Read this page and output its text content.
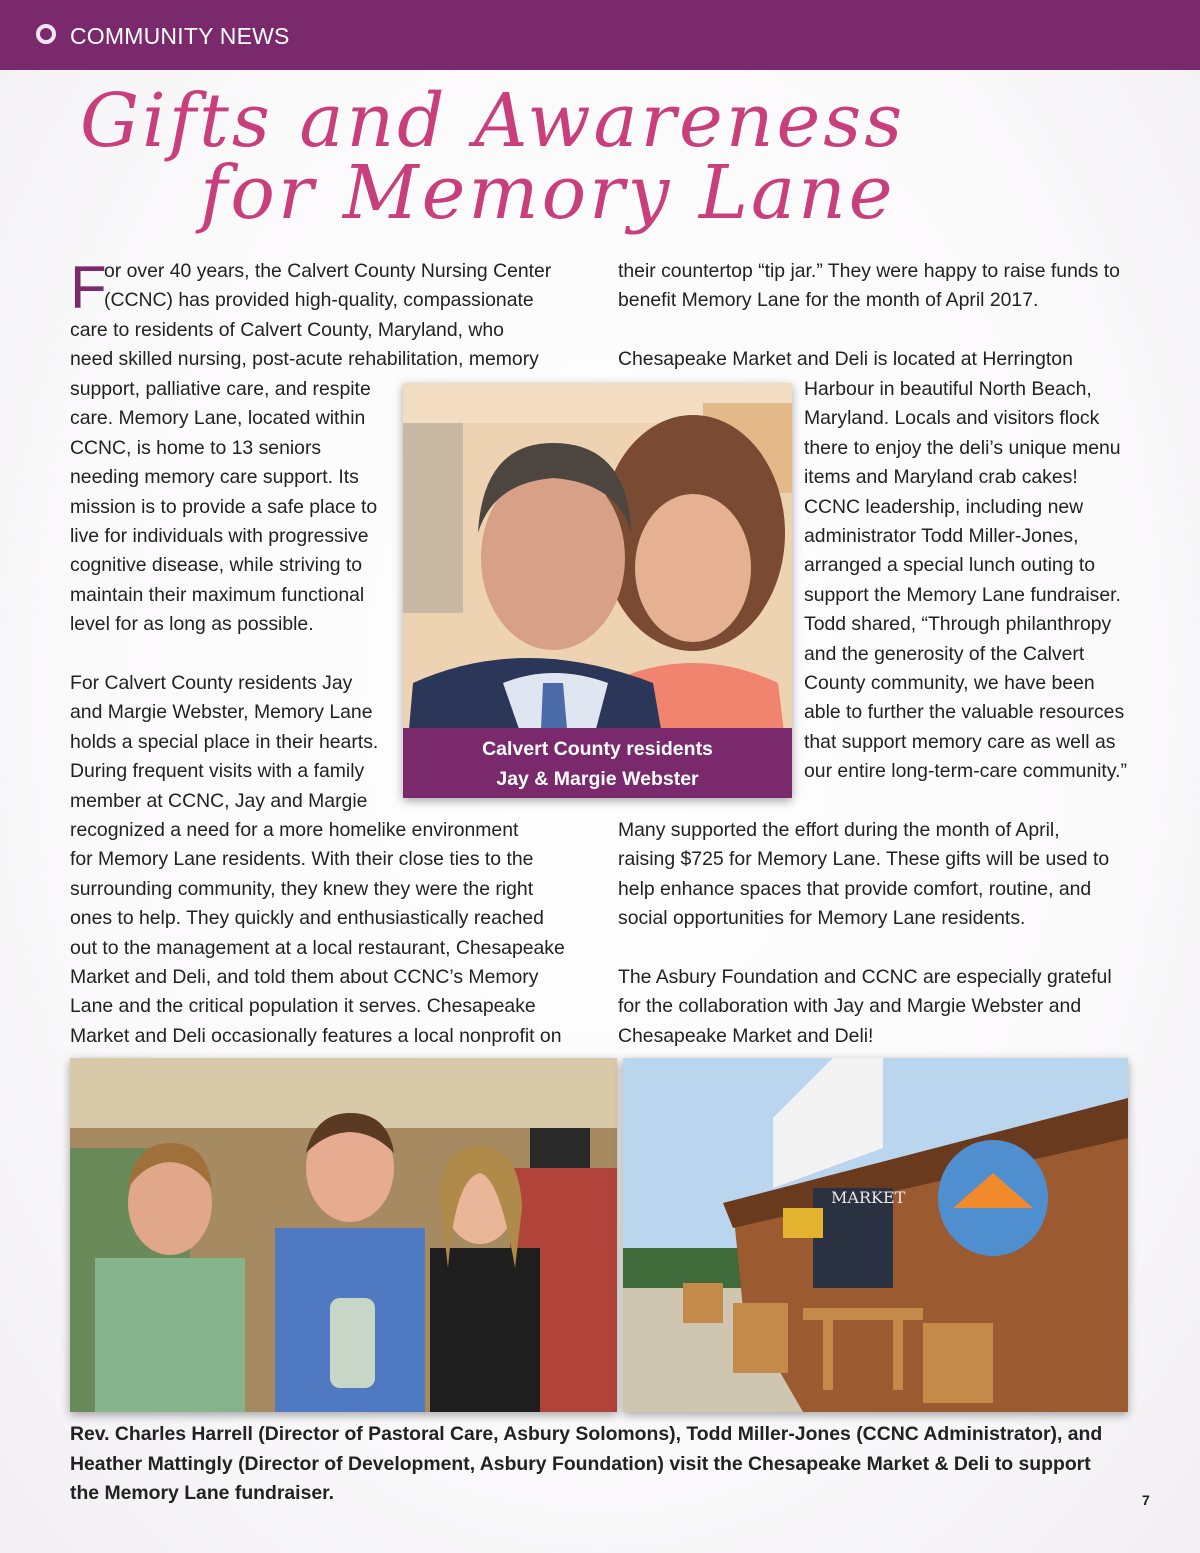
COMMUNITY NEWS
Gifts and Awareness
for Memory Lane
F
or over 40 years, the Calvert County Nursing Center
(CCNC) has provided high-quality, compassionate
care to residents of Calvert County, Maryland, who
need skilled nursing, post-acute rehabilitation, memory
support, palliative care, and respite
care. Memory Lane, located within
CCNC, is home to 13 seniors
needing memory care support. Its
mission is to provide a safe place to
live for individuals with progressive
cognitive disease, while striving to
maintain their maximum functional
level for as long as possible.

For Calvert County residents Jay
and Margie Webster, Memory Lane
holds a special place in their hearts.
During frequent visits with a family
member at CCNC, Jay and Margie
recognized a need for a more homelike environment
for Memory Lane residents. With their close ties to the
surrounding community, they knew they were the right
ones to help. They quickly and enthusiastically reached
out to the management at a local restaurant, Chesapeake
Market and Deli, and told them about CCNC’s Memory
Lane and the critical population it serves. Chesapeake
Market and Deli occasionally features a local nonprofit on
their countertop “tip jar.” They were happy to raise funds to
benefit Memory Lane for the month of April 2017.

Chesapeake Market and Deli is located at Herrington
Harbour in beautiful North Beach,
Maryland. Locals and visitors flock
there to enjoy the deli’s unique menu
items and Maryland crab cakes!
CCNC leadership, including new
administrator Todd Miller-Jones,
arranged a special lunch outing to
support the Memory Lane fundraiser.
Todd shared, “Through philanthropy
and the generosity of the Calvert
County community, we have been
able to further the valuable resources
that support memory care as well as
our entire long-term-care community.”
Many supported the effort during the month of April,
raising $725 for Memory Lane. These gifts will be used to
help enhance spaces that provide comfort, routine, and
social opportunities for Memory Lane residents.

The Asbury Foundation and CCNC are especially grateful
for the collaboration with Jay and Margie Webster and
Chesapeake Market and Deli!
Calvert County residents
Jay & Margie Webster
MARKET
Rev. Charles Harrell (Director of Pastoral Care, Asbury Solomons), Todd Miller-Jones (CCNC Administrator), and
Heather Mattingly (Director of Development, Asbury Foundation) visit the Chesapeake Market & Deli to support
the Memory Lane fundraiser.	7
